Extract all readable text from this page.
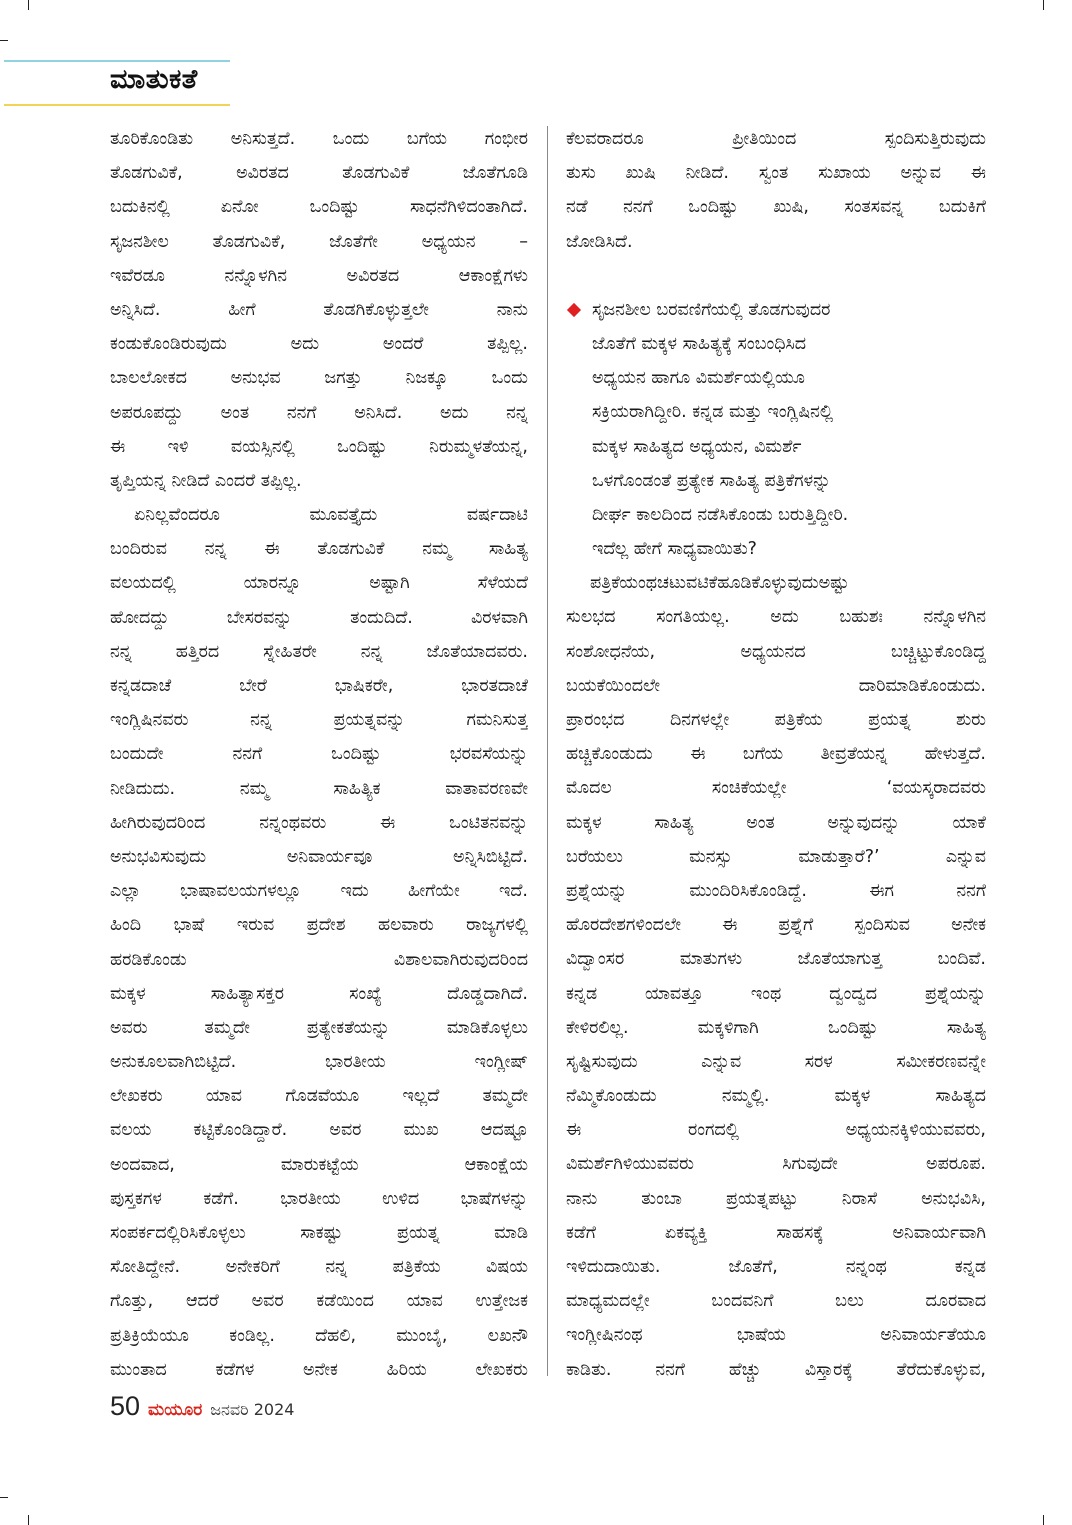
ಮಾತುಕತೆ
ತೂರಿಕೊಂಡಿತು ಅನಿಸುತ್ತದೆ. ಒಂದು ಬಗೆಯ ಗಂಭೀರ
ತೊಡಗುವಿಕೆ, ಅವಿರತದ ತೊಡಗುವಿಕೆ ಜೊತೆಗೂಡಿ
ಬದುಕಿನಲ್ಲಿ ಏನೋ ಒಂದಿಷ್ಟು ಸಾಧನೆಗಿಳಿದಂತಾಗಿದೆ.
ಸೃಜನಶೀಲ ತೊಡಗುವಿಕೆ, ಜೊತೆಗೇ ಅಧ್ಯಯನ –
ಇವೆರಡೂ ನನ್ನೊಳಗಿನ ಅವಿರತದ ಆಕಾಂಕ್ಷೆಗಳು
ಅನ್ನಿಸಿದೆ. ಹೀಗೆ ತೊಡಗಿಕೊಳ್ಳುತ್ತಲೇ ನಾನು
ಕಂಡುಕೊಂಡಿರುವುದು ಅದು ಅಂದರೆ ತಪ್ಪಿಲ್ಲ.
ಬಾಲಲೋಕದ ಅನುಭವ ಜಗತ್ತು ನಿಜಕ್ಕೂ ಒಂದು
ಅಪರೂಪದ್ದು ಅಂತ ನನಗೆ ಅನಿಸಿದೆ. ಅದು ನನ್ನ
ಈ ಇಳಿ ವಯಸ್ಸಿನಲ್ಲಿ ಒಂದಿಷ್ಟು ನಿರುಮ್ಮಳತೆಯನ್ನ,
ತೃಪ್ತಿಯನ್ನ ನೀಡಿದೆ ಎಂದರೆ ತಪ್ಪಿಲ್ಲ.
ಏನಿಲ್ಲವೆಂದರೂ ಮೂವತ್ತೈದು ವರ್ಷದಾಟಿ
ಬಂದಿರುವ ನನ್ನ ಈ ತೊಡಗುವಿಕೆ ನಮ್ಮ ಸಾಹಿತ್ಯ
ವಲಯದಲ್ಲಿ ಯಾರನ್ನೂ ಅಷ್ಟಾಗಿ ಸೆಳೆಯದೆ
ಹೋದದ್ದು ಬೇಸರವನ್ನು ತಂದುದಿದೆ. ವಿರಳವಾಗಿ
ನನ್ನ ಹತ್ತಿರದ ಸ್ನೇಹಿತರೇ ನನ್ನ ಜೊತೆಯಾದವರು.
ಕನ್ನಡದಾಚೆ ಬೇರೆ ಭಾಷಿಕರೇ, ಭಾರತದಾಚೆ
ಇಂಗ್ಲಿಷಿನವರು ನನ್ನ ಪ್ರಯತ್ನವನ್ನು ಗಮನಿಸುತ್ತ
ಬಂದುದೇ ನನಗೆ ಒಂದಿಷ್ಟು ಭರವಸೆಯನ್ನು
ನೀಡಿದುದು. ನಮ್ಮ ಸಾಹಿತ್ಯಿಕ ವಾತಾವರಣವೇ
ಹೀಗಿರುವುದರಿಂದ ನನ್ನಂಥವರು ಈ ಒಂಟಿತನವನ್ನು
ಅನುಭವಿಸುವುದು ಅನಿವಾರ್ಯವೂ ಅನ್ನಿಸಿಬಿಟ್ಟಿದೆ.
ಎಲ್ಲಾ ಭಾಷಾವಲಯಗಳಲ್ಲೂ ಇದು ಹೀಗೆಯೇ ಇದೆ.
ಹಿಂದಿ ಭಾಷೆ ಇರುವ ಪ್ರದೇಶ ಹಲವಾರು ರಾಜ್ಯಗಳಲ್ಲಿ
ಹರಡಿಕೊಂಡು ವಿಶಾಲವಾಗಿರುವುದರಿಂದ
ಮಕ್ಕಳ ಸಾಹಿತ್ಯಾಸಕ್ತರ ಸಂಖ್ಯೆ ದೊಡ್ಡದಾಗಿದೆ.
ಅವರು ತಮ್ಮದೇ ಪ್ರತ್ಯೇಕತೆಯನ್ನು ಮಾಡಿಕೊಳ್ಳಲು
ಅನುಕೂಲವಾಗಿಬಿಟ್ಟಿದೆ. ಭಾರತೀಯ ಇಂಗ್ಲೀಷ್
ಲೇಖಕರು ಯಾವ ಗೊಡವೆಯೂ ಇಲ್ಲದೆ ತಮ್ಮದೇ
ವಲಯ ಕಟ್ಟಿಕೊಂಡಿದ್ದಾರೆ. ಅವರ ಮುಖ ಆದಷ್ಟೂ
ಅಂದವಾದ, ಮಾರುಕಟ್ಟೆಯ ಆಕಾಂಕ್ಷೆಯ
ಪುಸ್ತಕಗಳ ಕಡೆಗೆ. ಭಾರತೀಯ ಉಳಿದ ಭಾಷೆಗಳನ್ನು
ಸಂಪರ್ಕದಲ್ಲಿರಿಸಿಕೊಳ್ಳಲು ಸಾಕಷ್ಟು ಪ್ರಯತ್ನ ಮಾಡಿ
ಸೋತಿದ್ದೇನೆ. ಅನೇಕರಿಗೆ ನನ್ನ ಪತ್ರಿಕೆಯ ವಿಷಯ
ಗೊತ್ತು, ಆದರೆ ಅವರ ಕಡೆಯಿಂದ ಯಾವ ಉತ್ತೇಜಕ
ಪ್ರತಿಕ್ರಿಯೆಯೂ ಕಂಡಿಲ್ಲ. ದೆಹಲಿ, ಮುಂಬೈ, ಲಖನೌ
ಮುಂತಾದ ಕಡೆಗಳ ಅನೇಕ ಹಿರಿಯ ಲೇಖಕರು
ಕೆಲವರಾದರೂ ಪ್ರೀತಿಯಿಂದ ಸ್ಪಂದಿಸುತ್ತಿರುವುದು
ತುಸು ಖುಷಿ ನೀಡಿದೆ. ಸ್ವಂತ ಸುಖಾಯ ಅನ್ನುವ ಈ
ನಡೆ ನನಗೆ ಒಂದಿಷ್ಟು ಖುಷಿ, ಸಂತಸವನ್ನ ಬದುಕಿಗೆ
ಜೋಡಿಸಿದೆ.
ಸೃಜನಶೀಲ ಬರವಣಿಗೆಯಲ್ಲಿ ತೊಡಗುವುದರ
ಜೊತೆಗೆ ಮಕ್ಕಳ ಸಾಹಿತ್ಯಕ್ಕೆ ಸಂಬಂಧಿಸಿದ
ಅಧ್ಯಯನ ಹಾಗೂ ವಿಮರ್ಶೆಯಲ್ಲಿಯೂ
ಸಕ್ರಿಯರಾಗಿದ್ದೀರಿ. ಕನ್ನಡ ಮತ್ತು ಇಂಗ್ಲಿಷಿನಲ್ಲಿ
ಮಕ್ಕಳ ಸಾಹಿತ್ಯದ ಅಧ್ಯಯನ, ವಿಮರ್ಶೆ
ಒಳಗೊಂಡಂತೆ ಪ್ರತ್ಯೇಕ ಸಾಹಿತ್ಯ ಪತ್ರಿಕೆಗಳನ್ನು
ದೀರ್ಘ ಕಾಲದಿಂದ ನಡೆಸಿಕೊಂಡು ಬರುತ್ತಿದ್ದೀರಿ.
ಇದೆಲ್ಲ ಹೇಗೆ ಸಾಧ್ಯವಾಯಿತು?
ಪತ್ರಿಕೆಯಂಥಚಟುವಟಿಕೆಹೂಡಿಕೊಳ್ಳುವುದುಅಷ್ಟು
ಸುಲಭದ ಸಂಗತಿಯಲ್ಲ. ಅದು ಬಹುಶಃ ನನ್ನೊಳಗಿನ
ಸಂಶೋಧನೆಯ, ಅಧ್ಯಯನದ ಬಚ್ಚಿಟ್ಟುಕೊಂಡಿದ್ದ
ಬಯಕೆಯಿಂದಲೇ ದಾರಿಮಾಡಿಕೊಂಡುದು.
ಪ್ರಾರಂಭದ ದಿನಗಳಲ್ಲೇ ಪತ್ರಿಕೆಯ ಪ್ರಯತ್ನ ಶುರು
ಹಚ್ಚಿಕೊಂಡುದು ಈ ಬಗೆಯ ತೀವ್ರತೆಯನ್ನ ಹೇಳುತ್ತದೆ.
ಮೊದಲ ಸಂಚಿಕೆಯಲ್ಲೇ ‘ವಯಸ್ಕರಾದವರು
ಮಕ್ಕಳ ಸಾಹಿತ್ಯ ಅಂತ ಅನ್ನುವುದನ್ನು ಯಾಕೆ
ಬರೆಯಲು ಮನಸ್ಸು ಮಾಡುತ್ತಾರೆ?’ ಎನ್ನುವ
ಪ್ರಶ್ನೆಯನ್ನು ಮುಂದಿರಿಸಿಕೊಂಡಿದ್ದೆ. ಈಗ ನನಗೆ
ಹೊರದೇಶಗಳಿಂದಲೇ ಈ ಪ್ರಶ್ನೆಗೆ ಸ್ಪಂದಿಸುವ ಅನೇಕ
ವಿದ್ವಾಂಸರ ಮಾತುಗಳು ಜೊತೆಯಾಗುತ್ತ ಬಂದಿವೆ.
ಕನ್ನಡ ಯಾವತ್ತೂ ಇಂಥ ದ್ವಂದ್ವದ ಪ್ರಶ್ನೆಯನ್ನು
ಕೇಳಿರಲಿಲ್ಲ. ಮಕ್ಕಳಿಗಾಗಿ ಒಂದಿಷ್ಟು ಸಾಹಿತ್ಯ
ಸೃಷ್ಟಿಸುವುದು ಎನ್ನುವ ಸರಳ ಸಮೀಕರಣವನ್ನೇ
ನೆಮ್ಮಿಕೊಂಡುದು ನಮ್ಮಲ್ಲಿ. ಮಕ್ಕಳ ಸಾಹಿತ್ಯದ
ಈ ರಂಗದಲ್ಲಿ ಅಧ್ಯಯನಕ್ಕಿಳಿಯುವವರು,
ವಿಮರ್ಶೆಗಿಳಿಯುವವರು ಸಿಗುವುದೇ ಅಪರೂಪ.
ನಾನು ತುಂಬಾ ಪ್ರಯತ್ನಪಟ್ಟು ನಿರಾಸೆ ಅನುಭವಿಸಿ,
ಕಡೆಗೆ ಏಕವ್ಯಕ್ತಿ ಸಾಹಸಕ್ಕೆ ಅನಿವಾರ್ಯವಾಗಿ
ಇಳಿದುದಾಯಿತು. ಜೊತೆಗೆ, ನನ್ನಂಥ ಕನ್ನಡ
ಮಾಧ್ಯಮದಲ್ಲೇ ಬಂದವನಿಗೆ ಬಲು ದೂರವಾದ
ಇಂಗ್ಲೀಷಿನಂಥ ಭಾಷೆಯ ಅನಿವಾರ್ಯತೆಯೂ
ಕಾಡಿತು. ನನಗೆ ಹೆಚ್ಚು ವಿಸ್ತಾರಕ್ಕೆ ತೆರೆದುಕೊಳ್ಳುವ,
50 ಮಯೂರ ಜನವರಿ 2024
